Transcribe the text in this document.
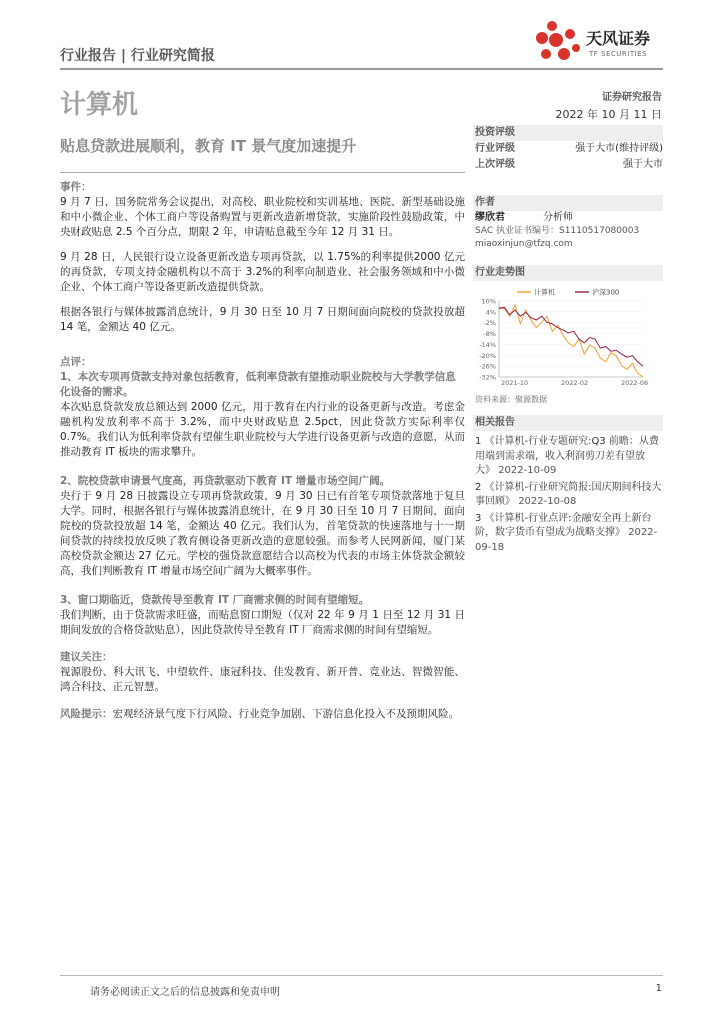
行业报告 | 行业研究简报
天风证券
TF SECURITIES
计算机	证券研究报告
2022 年 10 月 11 日
贴息贷款进展顺利，教育 IT 景气度加速提升
事件：
9 月 7 日，国务院常务会议提出，对高校、职业院校和实训基地、医院、新型基础设施和中小微企业、个体工商户等设备购置与更新改造新增贷款，实施阶段性鼓励政策，中央财政贴息 2.5 个百分点，期限 2 年，申请贴息截至今年 12 月 31 日。
9 月 28 日，人民银行设立设备更新改造专项再贷款，以 1.75%的利率提供2000 亿元的再贷款，专项支持金融机构以不高于 3.2%的利率向制造业、社会服务领域和中小微企业、个体工商户等设备更新改造提供贷款。
根据各银行与媒体披露消息统计，9 月 30 日至 10 月 7 日期间面向院校的贷款投放超 14 笔，金额达 40 亿元。
点评：
1、本次专项再贷款支持对象包括教育，低利率贷款有望推动职业院校与大学教学信息化设备的需求。
本次贴息贷款发放总额达到 2000 亿元，用于教育在内行业的设备更新与改造。考虑金融机构发放利率不高于 3.2%，而中央财政贴息 2.5pct，因此贷款方实际利率仅 0.7%。我们认为低利率贷款有望催生职业院校与大学进行设备更新与改造的意愿，从而推动教育 IT 板块的需求攀升。
2、院校贷款申请景气度高，再贷款驱动下教育 IT 增量市场空间广阔。
央行于 9 月 28 日披露设立专项再贷款政策，9 月 30 日已有首笔专项贷款落地于复旦大学。同时，根据各银行与媒体披露消息统计，在 9 月 30 日至 10 月 7 日期间，面向院校的贷款投放超 14 笔，金额达 40 亿元。我们认为，首笔贷款的快速落地与十一期间贷款的持续投放反映了教育侧设备更新改造的意愿较强。而参考人民网新闻，厦门某高校贷款金额达 27 亿元。学校的强贷款意愿结合以高校为代表的市场主体贷款金额较高，我们判断教育 IT 增量市场空间广阔为大概率事件。
3、窗口期临近，贷款传导至教育 IT 厂商需求侧的时间有望缩短。
我们判断，由于贷款需求旺盛，而贴息窗口期短（仅对 22 年 9 月 1 日至 12 月 31 日期间发放的合格贷款贴息），因此贷款传导至教育 IT 厂商需求侧的时间有望缩短。
建议关注：
视源股份、科大讯飞、中望软件、康冠科技、佳发教育、新开普、竞业达、智微智能、鸿合科技、正元智慧。
风险提示：宏观经济景气度下行风险、行业竞争加剧、下游信息化投入不及预期风险。
投资评级
行业评级	强于大市(维持评级)
上次评级	强于大市
作者
缪欣君	分析师
SAC 执业证书编号：S1110517080003
miaoxinjun@tfzq.com
行业走势图
10%
4%
-2%
-8%
-14%
-20%
-26%
-32%
2021-10	2022-02	2022-06
计算机	沪深300
资料来源：聚源数据
相关报告
1 《计算机-行业专题研究:Q3 前瞻：从费用端到需求端，收入利润剪刀差有望放大》 2022-10-09
2 《计算机-行业研究简报:国庆期间科技大事回顾》 2022-10-08
3 《计算机-行业点评:金融安全再上新台阶，数字货币有望成为战略支撑》 2022-09-18
请务必阅读正文之后的信息披露和免责申明	1
